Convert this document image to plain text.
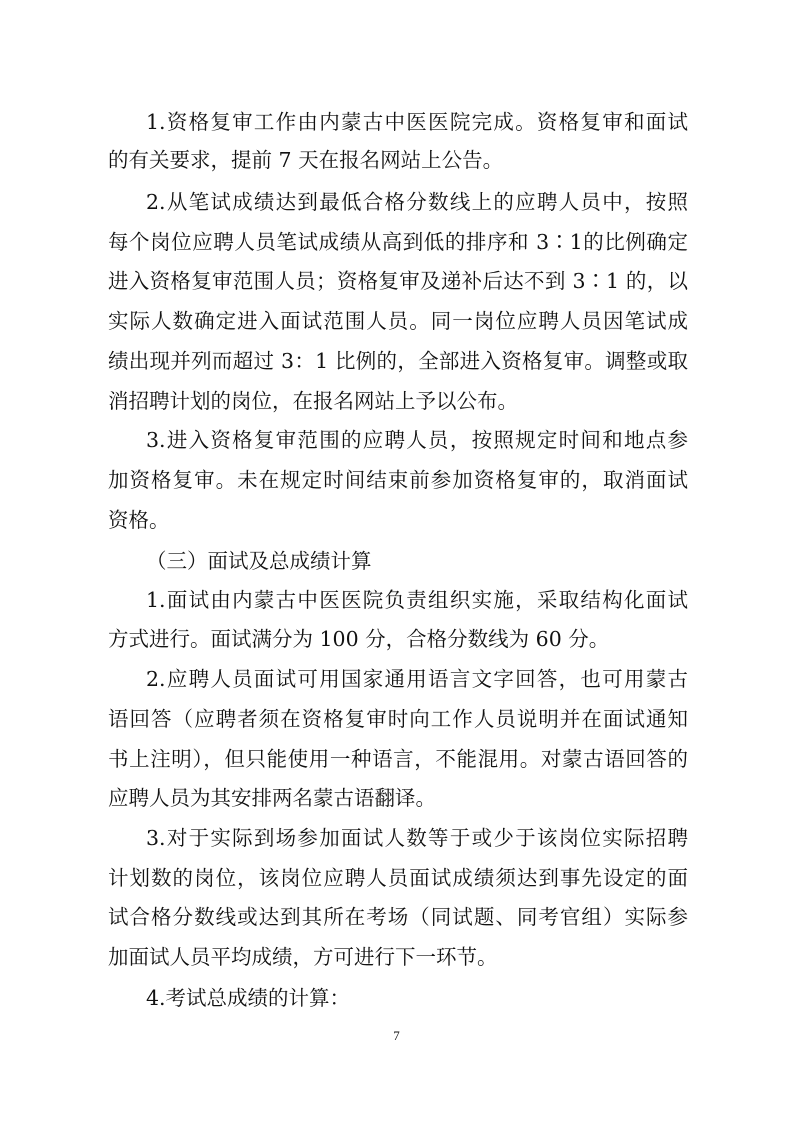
1.资格复审工作由内蒙古中医医院完成。资格复审和面试
的有关要求，提前 7 天在报名网站上公告。
2.从笔试成绩达到最低合格分数线上的应聘人员中，按照
每个岗位应聘人员笔试成绩从高到低的排序和 3∶1的比例确定
进入资格复审范围人员；资格复审及递补后达不到 3∶1 的，以
实际人数确定进入面试范围人员。同一岗位应聘人员因笔试成
绩出现并列而超过 3：1 比例的，全部进入资格复审。调整或取
消招聘计划的岗位，在报名网站上予以公布。
3.进入资格复审范围的应聘人员，按照规定时间和地点参
加资格复审。未在规定时间结束前参加资格复审的，取消面试
资格。
（三）面试及总成绩计算
1.面试由内蒙古中医医院负责组织实施，采取结构化面试
方式进行。面试满分为 100 分，合格分数线为 60 分。
2.应聘人员面试可用国家通用语言文字回答，也可用蒙古
语回答（应聘者须在资格复审时向工作人员说明并在面试通知
书上注明），但只能使用一种语言，不能混用。对蒙古语回答的
应聘人员为其安排两名蒙古语翻译。
3.对于实际到场参加面试人数等于或少于该岗位实际招聘
计划数的岗位，该岗位应聘人员面试成绩须达到事先设定的面
试合格分数线或达到其所在考场（同试题、同考官组）实际参
加面试人员平均成绩，方可进行下一环节。
4.考试总成绩的计算：
7
